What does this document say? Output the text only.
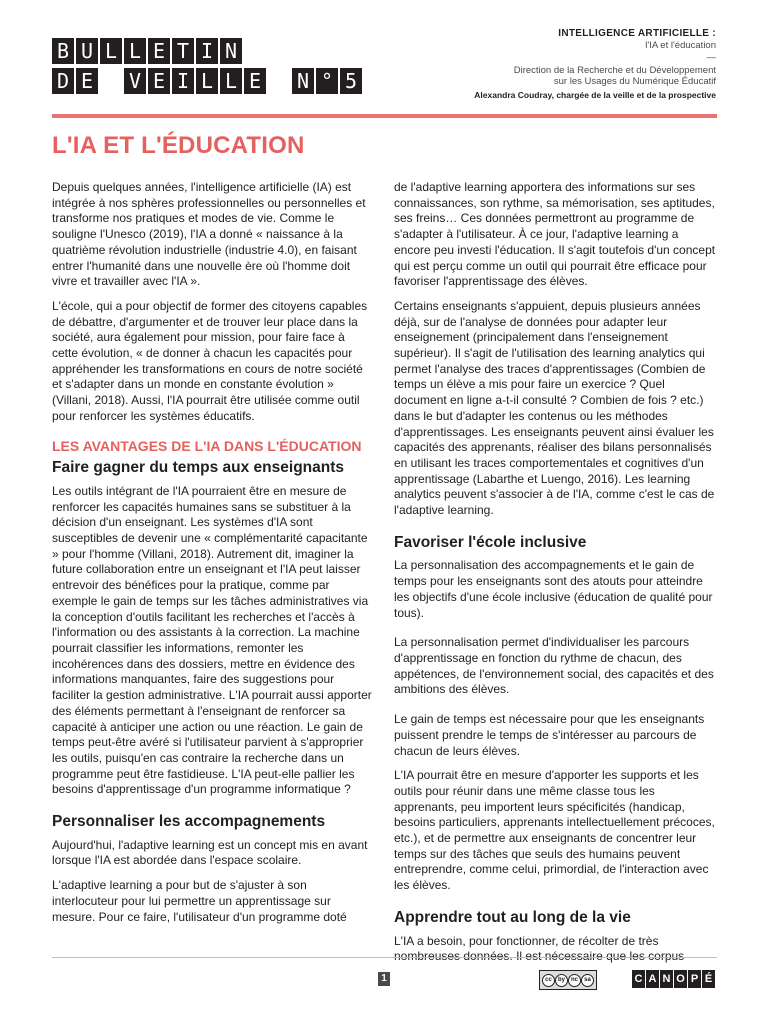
B U L L E T I N
D E V E I L L E N ° 5
INTELLIGENCE ARTIFICIELLE :
l'IA et l'éducation
—
Direction de la Recherche et du Développement
sur les Usages du Numérique Éducatif
Alexandra Coudray, chargée de la veille et de la prospective
L'IA ET L'ÉDUCATION

Depuis quelques années, l'intelligence artificielle (IA) est intégrée à nos sphères professionnelles ou personnelles et transforme nos pratiques et modes de vie. Comme le souligne l'Unesco (2019), l'IA a donné « naissance à la quatrième révolution industrielle (industrie 4.0), en faisant entrer l'humanité dans une nouvelle ère où l'homme doit vivre et travailler avec l'IA ».

L'école, qui a pour objectif de former des citoyens capables de débattre, d'argumenter et de trouver leur place dans la société, aura également pour mission, pour faire face à cette évolution, « de donner à chacun les capacités pour appréhender les transformations en cours de notre société et s'adapter dans un monde en constante évolution » (Villani, 2018). Aussi, l'IA pourrait être utilisée comme outil pour renforcer les systèmes éducatifs.

LES AVANTAGES DE L'IA DANS L'ÉDUCATION
Faire gagner du temps aux enseignants

Les outils intégrant de l'IA pourraient être en mesure de renforcer les capacités humaines sans se substituer à la décision d'un enseignant. Les systèmes d'IA sont susceptibles de devenir une « complémentarité capacitante » pour l'homme (Villani, 2018). Autrement dit, imaginer la future collaboration entre un enseignant et l'IA peut laisser entrevoir des bénéfices pour la pratique, comme par exemple le gain de temps sur les tâches administratives via la conception d'outils facilitant les recherches et l'accès à l'information ou des assistants à la correction. La machine pourrait classifier les informations, remonter les incohérences dans des dossiers, mettre en évidence des informations manquantes, faire des suggestions pour faciliter la gestion administrative. L'IA pourrait aussi apporter des éléments permettant à l'enseignant de renforcer sa capacité à anticiper une action ou une réaction. Le gain de temps peut-être avéré si l'utilisateur parvient à s'approprier les outils, puisqu'en cas contraire la recherche dans un programme peut être fastidieuse. L'IA peut-elle pallier les besoins d'apprentissage d'un programme informatique ?

Personnaliser les accompagnements

Aujourd'hui, l'adaptive learning est un concept mis en avant lorsque l'IA est abordée dans l'espace scolaire.

L'adaptive learning a pour but de s'ajuster à son interlocuteur pour lui permettre un apprentissage sur mesure. Pour ce faire, l'utilisateur d'un programme doté

de l'adaptive learning apportera des informations sur ses connaissances, son rythme, sa mémorisation, ses aptitudes, ses freins… Ces données permettront au programme de s'adapter à l'utilisateur. À ce jour, l'adaptive learning a encore peu investi l'éducation. Il s'agit toutefois d'un concept qui est perçu comme un outil qui pourrait être efficace pour favoriser l'apprentissage des élèves.

Certains enseignants s'appuient, depuis plusieurs années déjà, sur de l'analyse de données pour adapter leur enseignement (principalement dans l'enseignement supérieur). Il s'agit de l'utilisation des learning analytics qui permet l'analyse des traces d'apprentissages (Combien de temps un élève a mis pour faire un exercice ? Quel document en ligne a-t-il consulté ? Combien de fois ? etc.) dans le but d'adapter les contenus ou les méthodes d'apprentissages. Les enseignants peuvent ainsi évaluer les capacités des apprenants, réaliser des bilans personnalisés en utilisant les traces comportementales et cognitives d'un apprentissage (Labarthe et Luengo, 2016). Les learning analytics peuvent s'associer à de l'IA, comme c'est le cas de l'adaptive learning.

Favoriser l'école inclusive

La personnalisation des accompagnements et le gain de temps pour les enseignants sont des atouts pour atteindre les objectifs d'une école inclusive (éducation de qualité pour tous).

La personnalisation permet d'individualiser les parcours d'apprentissage en fonction du rythme de chacun, des appétences, de l'environnement social, des capacités et des ambitions des élèves.

Le gain de temps est nécessaire pour que les enseignants puissent prendre le temps de s'intéresser au parcours de chacun de leurs élèves.

L'IA pourrait être en mesure d'apporter les supports et les outils pour réunir dans une même classe tous les apprenants, peu importent leurs spécificités (handicap, besoins particuliers, apprenants intellectuellement précoces, etc.), et de permettre aux enseignants de concentrer leur temps sur des tâches que seuls des humains peuvent entreprendre, comme celui, primordial, de l'interaction avec les élèves.

Apprendre tout au long de la vie

L'IA a besoin, pour fonctionner, de récolter de très

1	cc	by nc	sa	C A N O P É
